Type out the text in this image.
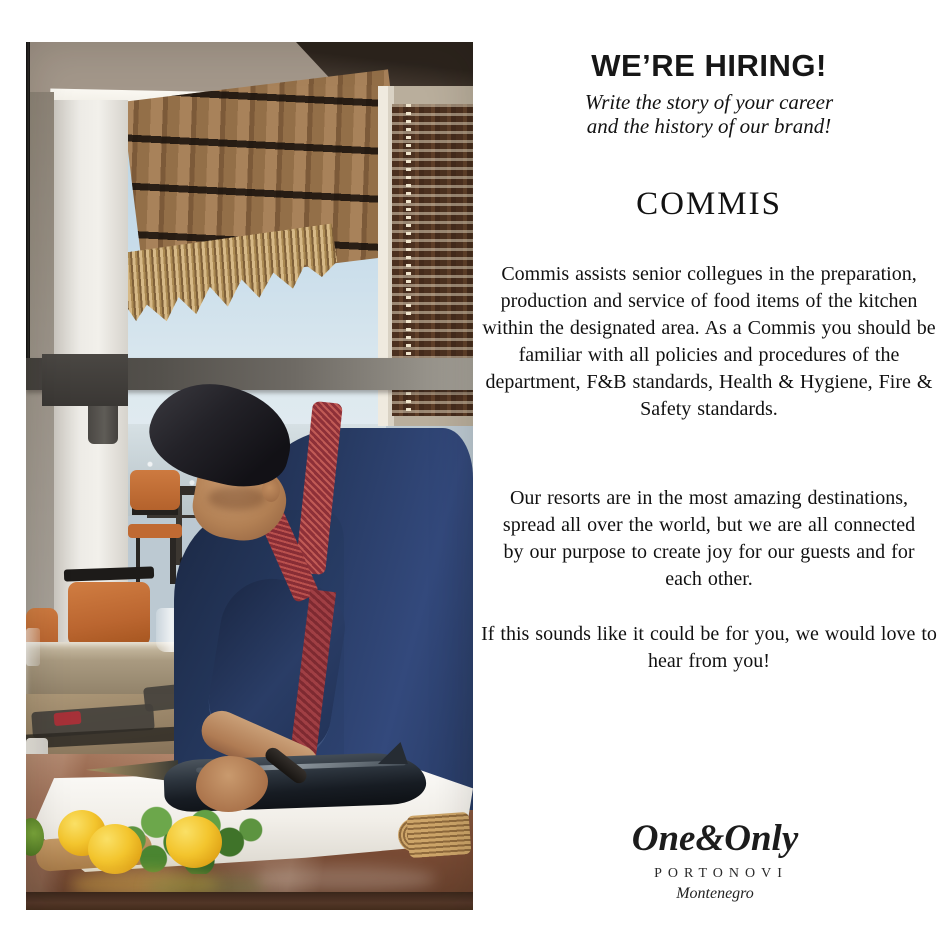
WE’RE HIRING!
Write the story of your career
and the history of our brand!
COMMIS
Commis assists senior collegues in the preparation, production and service of food items of the kitchen within the designated area. As a Commis you should be familiar with all policies and procedures of the department, F&B standards, Health & Hygiene, Fire & Safety standards.
Our resorts are in the most amazing destinations, spread all over the world, but we are all connected by our purpose to create joy for our guests and for each other.
If this sounds like it could be for you, we would love to hear from you!
One&Only
PORTONOVI
Montenegro
